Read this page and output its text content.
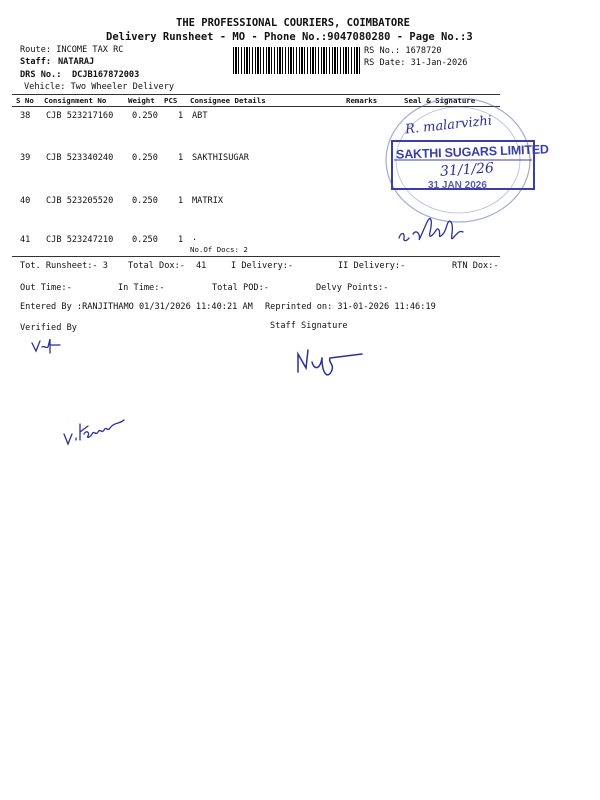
THE PROFESSIONAL COURIERS, COIMBATORE
Delivery Runsheet - MO - Phone No.:9047080280 - Page No.:3
Route: INCOME TAX RC
Staff: NATARAJ
DRS No.: DCJB167872003
Vehicle: Two Wheeler Delivery
RS No.: 1678720
RS Date: 31-Jan-2026
S No Consignment No	Weight PCS Consignee Details	Remarks	Seal & Signature
38 CJB 523217160 0.250 1 ABT
39 CJB 523340240 0.250 1 SAKTHISUGAR
40 CJB 523205520 0.250 1 MATRIX
41 CJB 523247210 0.250 1 .
No.Of Docs: 2
Tot. Runsheet:- 3 Total Dox:- 41	I Delivery:-	II Delivery:-	RTN Dox:-
Out Time:-	In Time:-	Total POD:-	Delvy Points:-
Entered By :RANJITHAMO 01/31/2026 11:40:21 AM Reprinted on: 31-01-2026 11:46:19
Verified By	Staff Signature
R. malarvizhi
SAKTHI SUGARS LIMITED
31/1/26
31 JAN 2026
